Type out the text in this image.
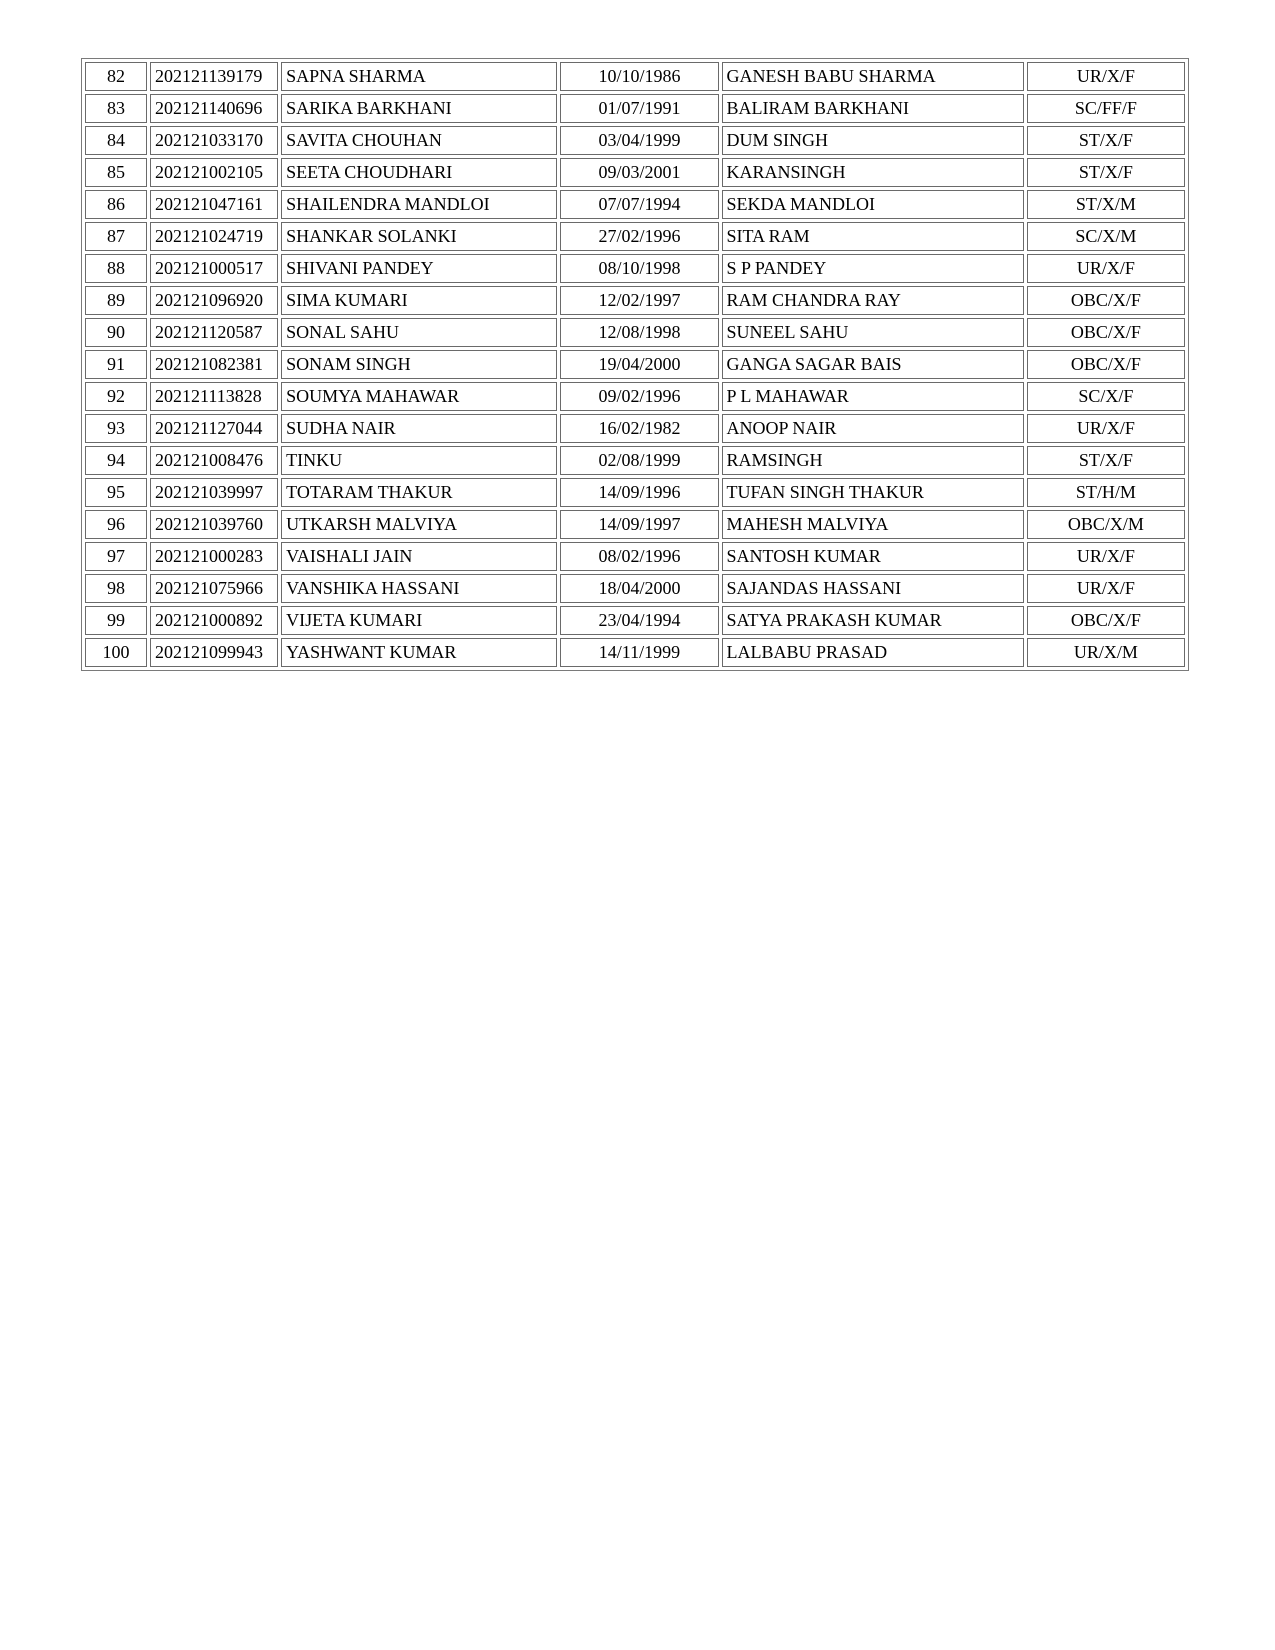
82	202121139179	SAPNA SHARMA	10/10/1986	GANESH BABU SHARMA	UR/X/F
83	202121140696	SARIKA BARKHANI	01/07/1991	BALIRAM BARKHANI	SC/FF/F
84	202121033170	SAVITA CHOUHAN	03/04/1999	DUM SINGH	ST/X/F
85	202121002105	SEETA CHOUDHARI	09/03/2001	KARANSINGH	ST/X/F
86	202121047161	SHAILENDRA MANDLOI	07/07/1994	SEKDA MANDLOI	ST/X/M
87	202121024719	SHANKAR SOLANKI	27/02/1996	SITA RAM	SC/X/M
88	202121000517	SHIVANI PANDEY	08/10/1998	S P PANDEY	UR/X/F
89	202121096920	SIMA KUMARI	12/02/1997	RAM CHANDRA RAY	OBC/X/F
90	202121120587	SONAL SAHU	12/08/1998	SUNEEL SAHU	OBC/X/F
91	202121082381	SONAM SINGH	19/04/2000	GANGA SAGAR BAIS	OBC/X/F
92	202121113828	SOUMYA MAHAWAR	09/02/1996	P L MAHAWAR	SC/X/F
93	202121127044	SUDHA NAIR	16/02/1982	ANOOP NAIR	UR/X/F
94	202121008476	TINKU	02/08/1999	RAMSINGH	ST/X/F
95	202121039997	TOTARAM THAKUR	14/09/1996	TUFAN SINGH THAKUR	ST/H/M
96	202121039760	UTKARSH MALVIYA	14/09/1997	MAHESH MALVIYA	OBC/X/M
97	202121000283	VAISHALI JAIN	08/02/1996	SANTOSH KUMAR	UR/X/F
98	202121075966	VANSHIKA HASSANI	18/04/2000	SAJANDAS HASSANI	UR/X/F
99	202121000892	VIJETA KUMARI	23/04/1994	SATYA PRAKASH KUMAR	OBC/X/F
100	202121099943	YASHWANT KUMAR	14/11/1999	LALBABU PRASAD	UR/X/M
